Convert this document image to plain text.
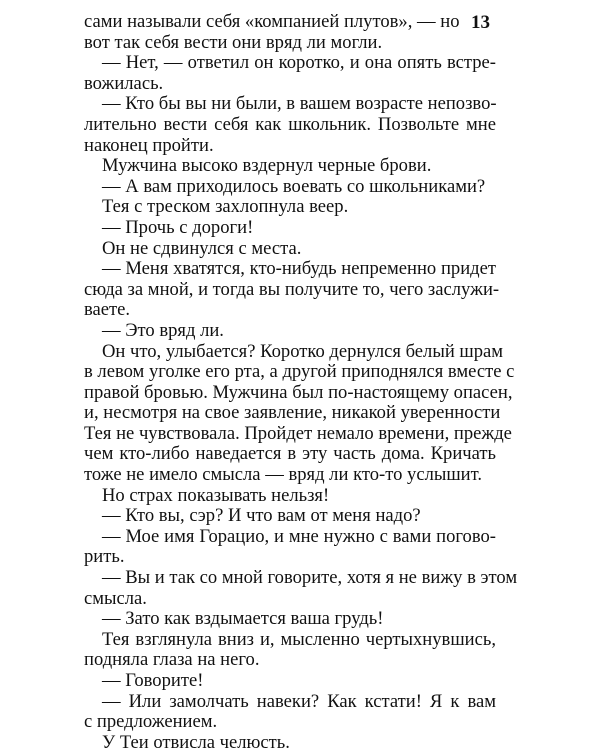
13
сами называли себя «компанией плутов», — но
вот так себя вести они вряд ли могли.
— Нет, — ответил он коротко, и она опять встре-
вожилась.
— Кто бы вы ни были, в вашем возрасте непозво-
лительно вести себя как школьник. Позвольте мне
наконец пройти.
Мужчина высоко вздернул черные брови.
— А вам приходилось воевать со школьниками?
Тея с треском захлопнула веер.
— Прочь с дороги!
Он не сдвинулся с места.
— Меня хватятся, кто-нибудь непременно придет
сюда за мной, и тогда вы получите то, чего заслужи-
ваете.
— Это вряд ли.
Он что, улыбается? Коротко дернулся белый шрам
в левом уголке его рта, а другой приподнялся вместе с
правой бровью. Мужчина был по-настоящему опасен,
и, несмотря на свое заявление, никакой уверенности
Тея не чувствовала. Пройдет немало времени, прежде
чем кто-либо наведается в эту часть дома. Кричать
тоже не имело смысла — вряд ли кто-то услышит.
Но страх показывать нельзя!
— Кто вы, сэр? И что вам от меня надо?
— Мое имя Горацио, и мне нужно с вами погово-
рить.
— Вы и так со мной говорите, хотя я не вижу в этом
смысла.
— Зато как вздымается ваша грудь!
Тея взглянула вниз и, мысленно чертыхнувшись,
подняла глаза на него.
— Говорите!
— Или замолчать навеки? Как кстати! Я к вам
с предложением.
У Теи отвисла челюсть.
